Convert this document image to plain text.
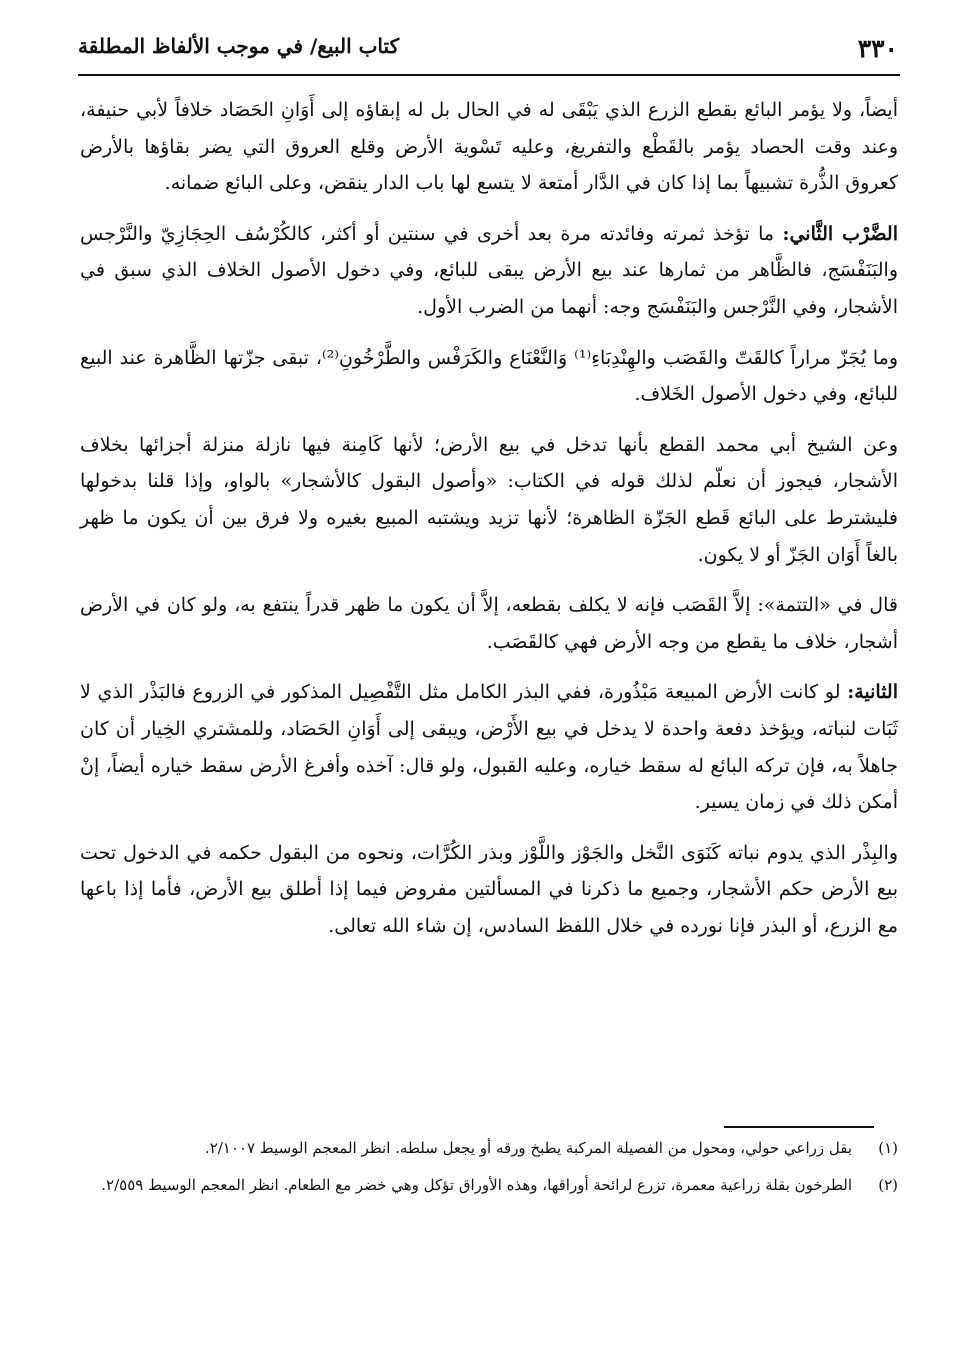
٣٣٠
كتاب البيع/ في موجب الألفاظ المطلقة

أيضاً، ولا يؤمر البائع بقطع الزرع الذي يَبْقَى له في الحال بل له إبقاؤه إلى أَوَانِ الحَصَاد خلافاً لأبي حنيفة، وعند وقت الحصاد يؤمر بالقَطْع والتفريغ، وعليه تَسْوية الأرض وقلع العروق التي يضر بقاؤها بالأرض كعروق الذُّرة تشبيهاً بما إذا كان في الدَّار أمتعة لا يتسع لها باب الدار ينقض، وعلى البائع ضمانه.

الضَّرْب الثَّاني: ما تؤخذ ثمرته وفائدته مرة بعد أخرى في سنتين أو أكثر، كالكُرْسُف الحِجَازِيّ والنَّرْجس والبَنَفْسَج، فالظَّاهر من ثمارها عند بيع الأرض يبقى للبائع، وفي دخول الأصول الخلاف الذي سبق في الأشجار، وفي النَّرْجس والبَنَفْسَج وجه: أنهما من الضرب الأول.

وما يُجَزّ مراراً كالقَتّ والقَصَب والهِنْدِبَاءِ⁽¹⁾ وَالنَّعْنَاع والكَرَفْس والطَّرْخُونِ⁽²⁾، تبقى جزّتها الظَّاهرة عند البيع للبائع، وفي دخول الأصول الخَلاف.

وعن الشيخ أبي محمد القطع بأنها تدخل في بيع الأرض؛ لأنها كَامِنة فيها نازلة منزلة أجزائها بخلاف الأشجار، فيجوز أن نعلّم لذلك قوله في الكتاب: «وأصول البقول كالأشجار» بالواو، وإذا قلنا بدخولها فليشترط على البائع قَطع الجَزّة الظاهرة؛ لأنها تزيد ويشتبه المبيع بغيره ولا فرق بين أن يكون ما ظهر بالغاً أَوَان الجَزّ أو لا يكون.

قال في «التتمة»: إلاَّ القَصَب فإنه لا يكلف بقطعه، إلاَّ أن يكون ما ظهر قدراً ينتفع به، ولو كان في الأرض أشجار، خلاف ما يقطع من وجه الأرض فهي كالقَصَب.

الثانية: لو كانت الأرض المبيعة مَبْذُورة، ففي البذر الكامل مثل التَّفْصِيل المذكور في الزروع فالبَذْر الذي لا ثَبَات لنباته، ويؤخذ دفعة واحدة لا يدخل في بيع الأَرْض، ويبقى إلى أَوَانِ الحَصَاد، وللمشتري الخِيار أن كان جاهلاً به، فإن تركه البائع له سقط خياره، وعليه القبول، ولو قال: آخذه وأفرغ الأرض سقط خياره أيضاً، إنْ أمكن ذلك في زمان يسير.

والبِذْر الذي يدوم نباته كَنَوَى النَّخل والجَوْز واللَّوْز وبذر الكُرَّات، ونحوه من البقول حكمه في الدخول تحت بيع الأرض حكم الأشجار، وجميع ما ذكرنا في المسألتين مفروض فيما إذا أطلق بيع الأرض، فأما إذا باعها مع الزرع، أو البذر فإنا نورده في خلال اللفظ السادس، إن شاء الله تعالى.

(١)
بقل زراعي حولي، ومحول من الفصيلة المركبة يطبخ ورقه أو يجعل سلطه. انظر المعجم الوسيط ٢/١٠٠٧.
(٢)
الطرخون بقلة زراعية معمرة، تزرع لرائحة أوراقها، وهذه الأوراق تؤكل وهي خضر مع الطعام. انظر المعجم الوسيط ٢/٥٥٩.
